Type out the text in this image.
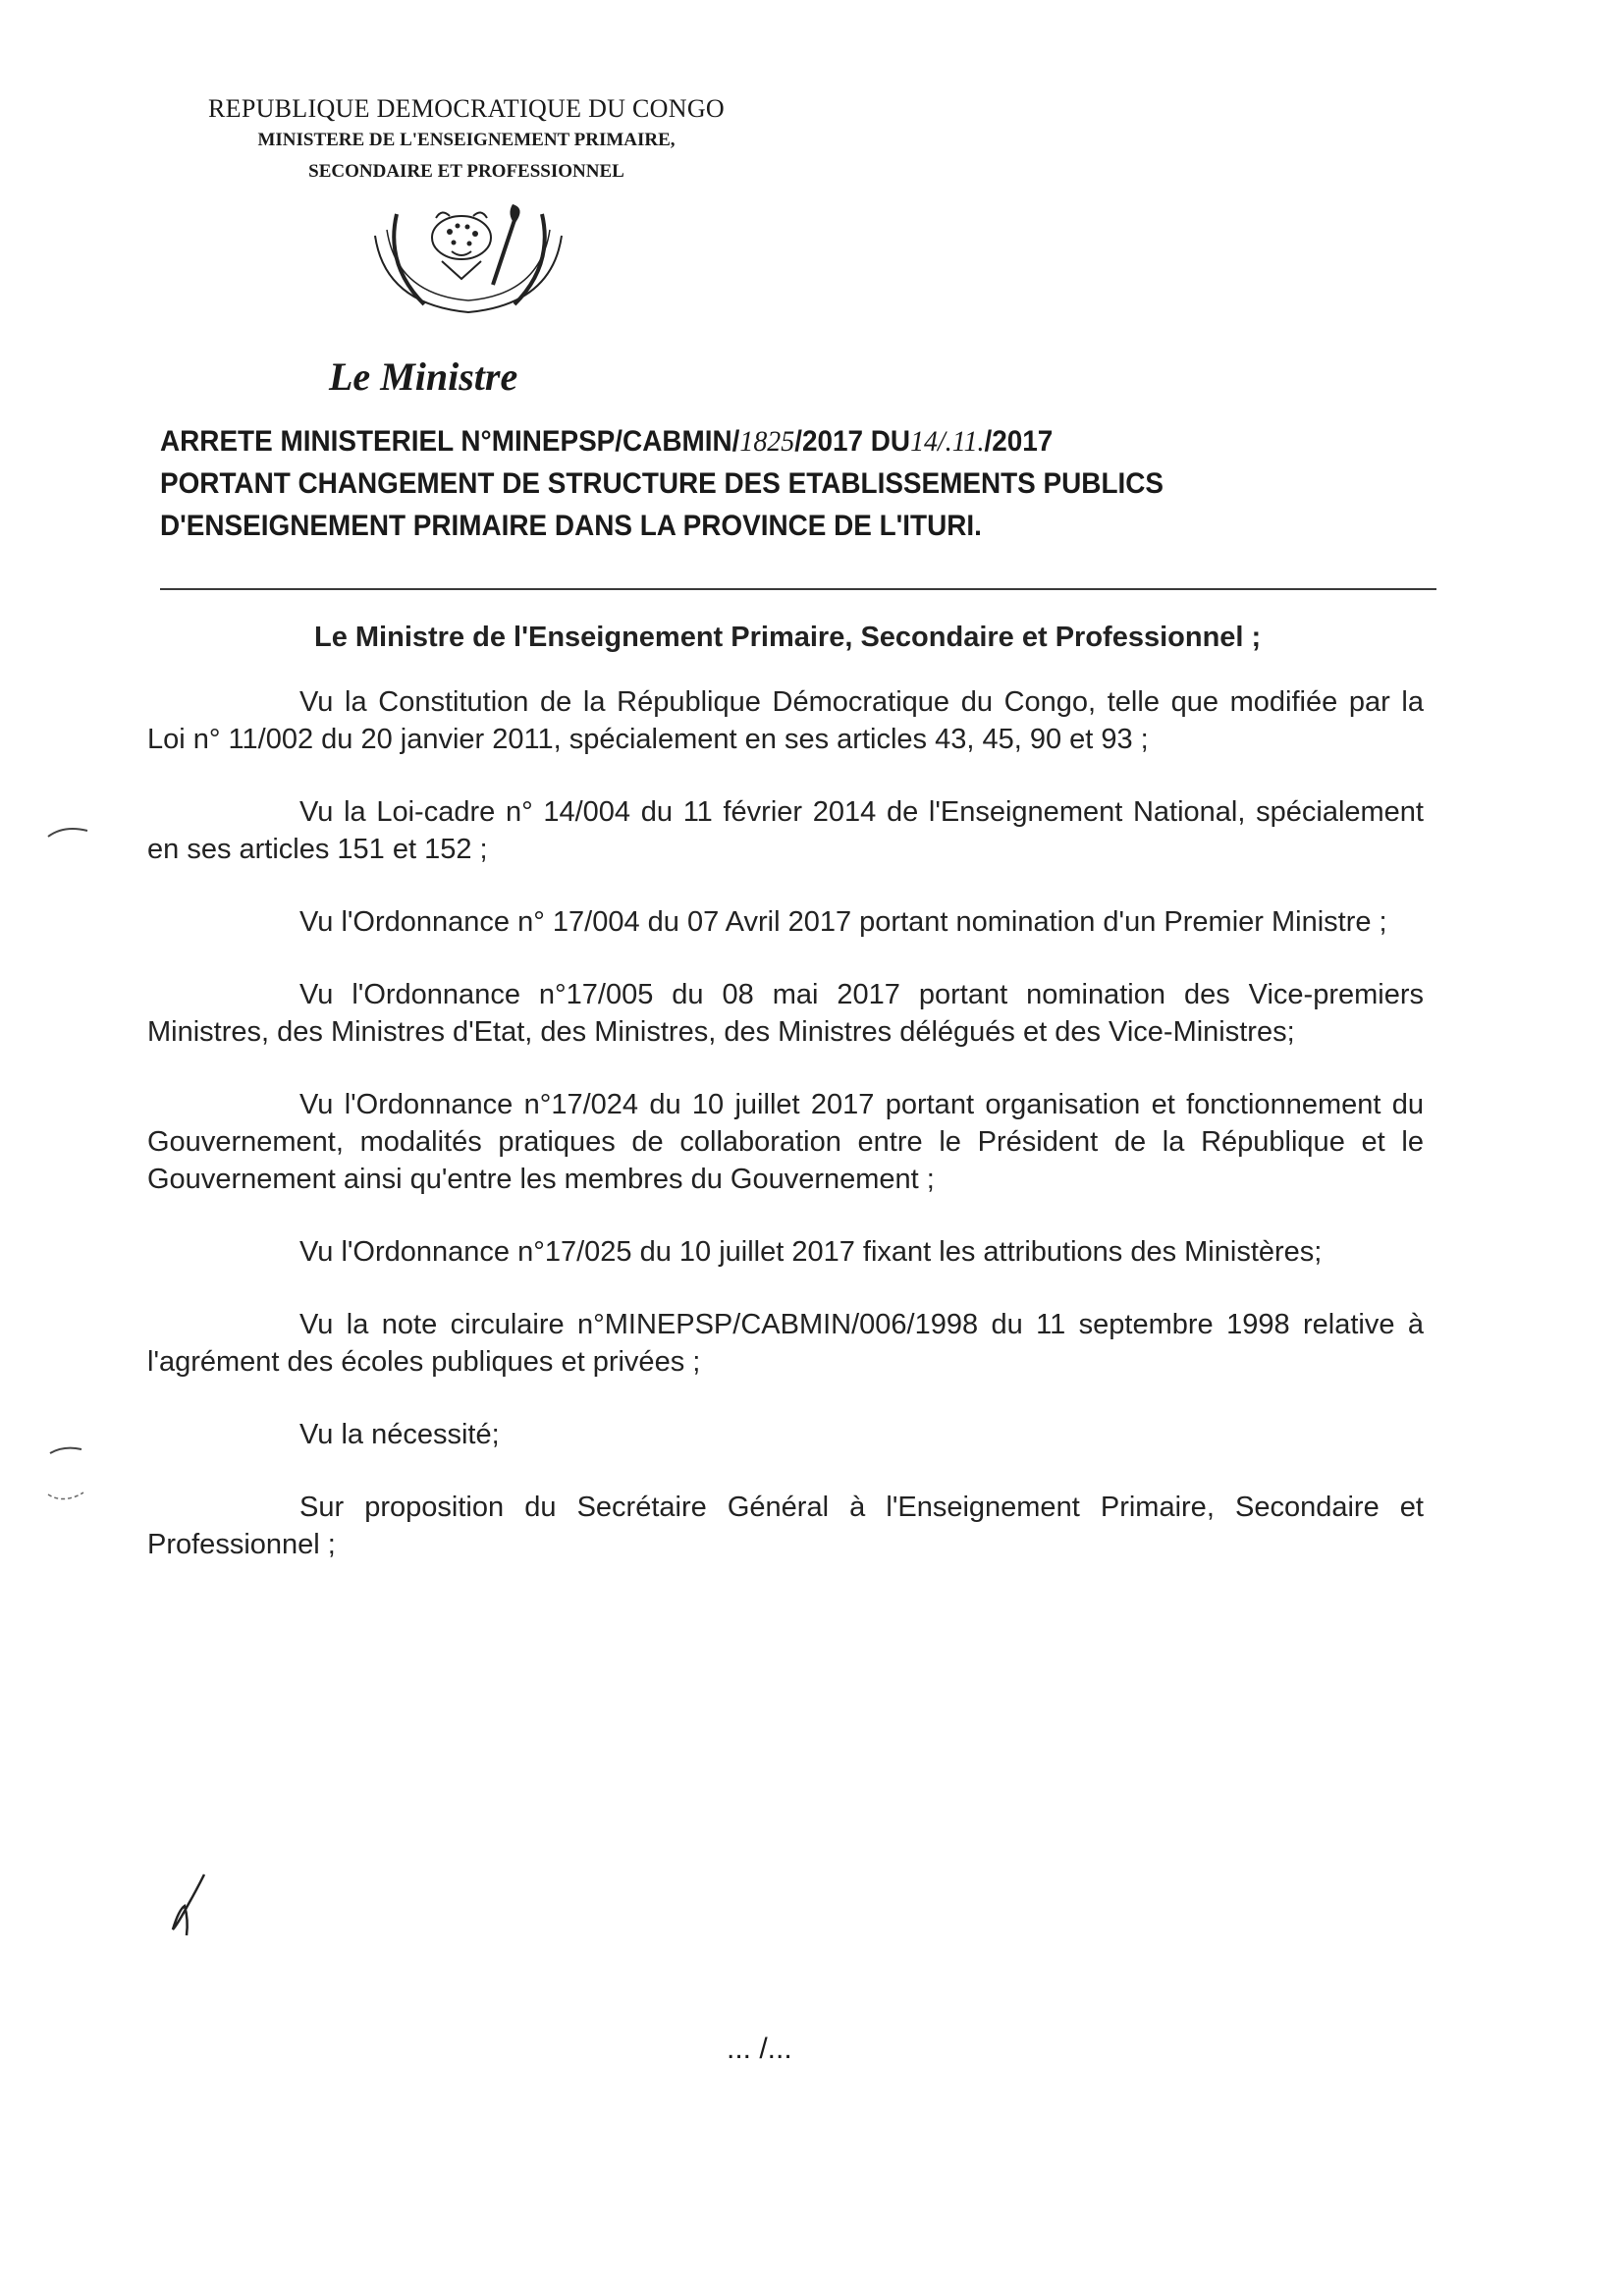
REPUBLIQUE DEMOCRATIQUE DU CONGO
MINISTERE DE L'ENSEIGNEMENT PRIMAIRE,
SECONDAIRE ET PROFESSIONNEL
Le Ministre
ARRETE MINISTERIEL N°MINEPSP/CABMIN/1825/2017 DU14/.11./2017
PORTANT CHANGEMENT DE STRUCTURE DES ETABLISSEMENTS PUBLICS
D'ENSEIGNEMENT PRIMAIRE DANS LA PROVINCE DE L'ITURI.
Le Ministre de l'Enseignement Primaire, Secondaire et Professionnel ;

Vu la Constitution de la République Démocratique du Congo, telle que modifiée par la Loi n° 11/002 du 20 janvier 2011, spécialement en ses articles 43, 45, 90 et 93 ;

Vu la Loi-cadre n° 14/004 du 11 février 2014 de l'Enseignement National, spécialement en ses articles 151 et 152 ;

Vu l'Ordonnance n° 17/004 du 07 Avril 2017 portant nomination d'un Premier Ministre ;

Vu l'Ordonnance n°17/005 du 08 mai 2017 portant nomination des Vice-premiers Ministres, des Ministres d'Etat, des Ministres, des Ministres délégués et des Vice-Ministres;

Vu l'Ordonnance n°17/024 du 10 juillet 2017 portant organisation et fonctionnement du Gouvernement, modalités pratiques de collaboration entre le Président de la République et le Gouvernement ainsi qu'entre les membres du Gouvernement ;

Vu l'Ordonnance n°17/025 du 10 juillet 2017 fixant les attributions des Ministères;

Vu la note circulaire n°MINEPSP/CABMIN/006/1998 du 11 septembre 1998 relative à l'agrément des écoles publiques et privées ;

Vu la nécessité;

Sur proposition du Secrétaire Général à l'Enseignement Primaire, Secondaire et Professionnel ;

... /...
